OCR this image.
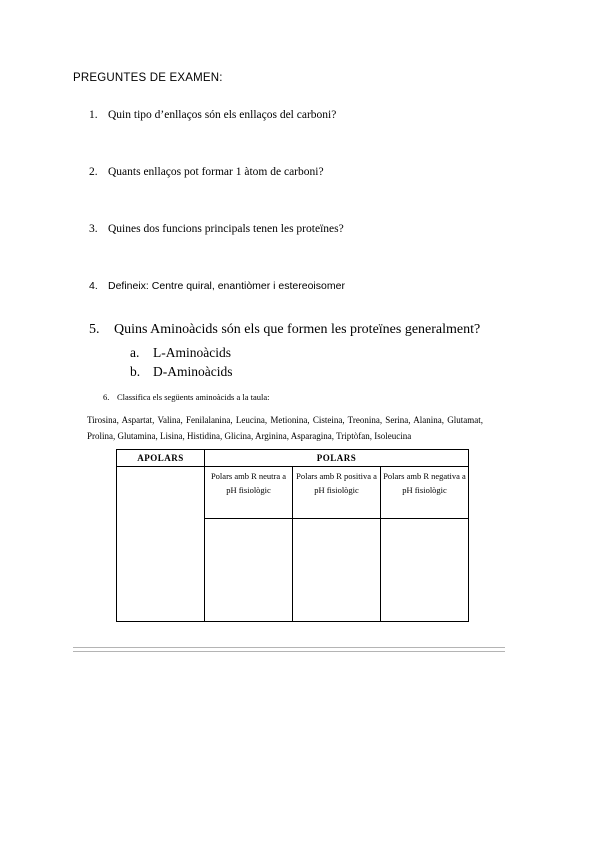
PREGUNTES DE EXAMEN:
1. Quin tipo d’enllaços són els enllaços del carboni?
2. Quants enllaços pot formar 1 àtom de carboni?
3. Quines dos funcions principals tenen les proteïnes?
4. Defineix: Centre quiral, enantiòmer i estereoisomer
5. Quins Aminoàcids són els que formen les proteïnes generalment?
a. L-Aminoàcids
b. D-Aminoàcids
6. Classifica els següents aminoàcids a la taula:
Tirosina, Aspartat, Valina, Fenilalanina, Leucina, Metionina, Cisteina, Treonina, Serina, Alanina, Glutamat, Prolina, Glutamina, Lisina, Histidina, Glicina, Arginina, Asparagina, Triptòfan, Isoleucina
APOLARS	POLARS		
	Polars amb R neutra a pH fisiològic	Polars amb R positiva a pH fisiològic	Polars amb R negativa a pH fisiològic
